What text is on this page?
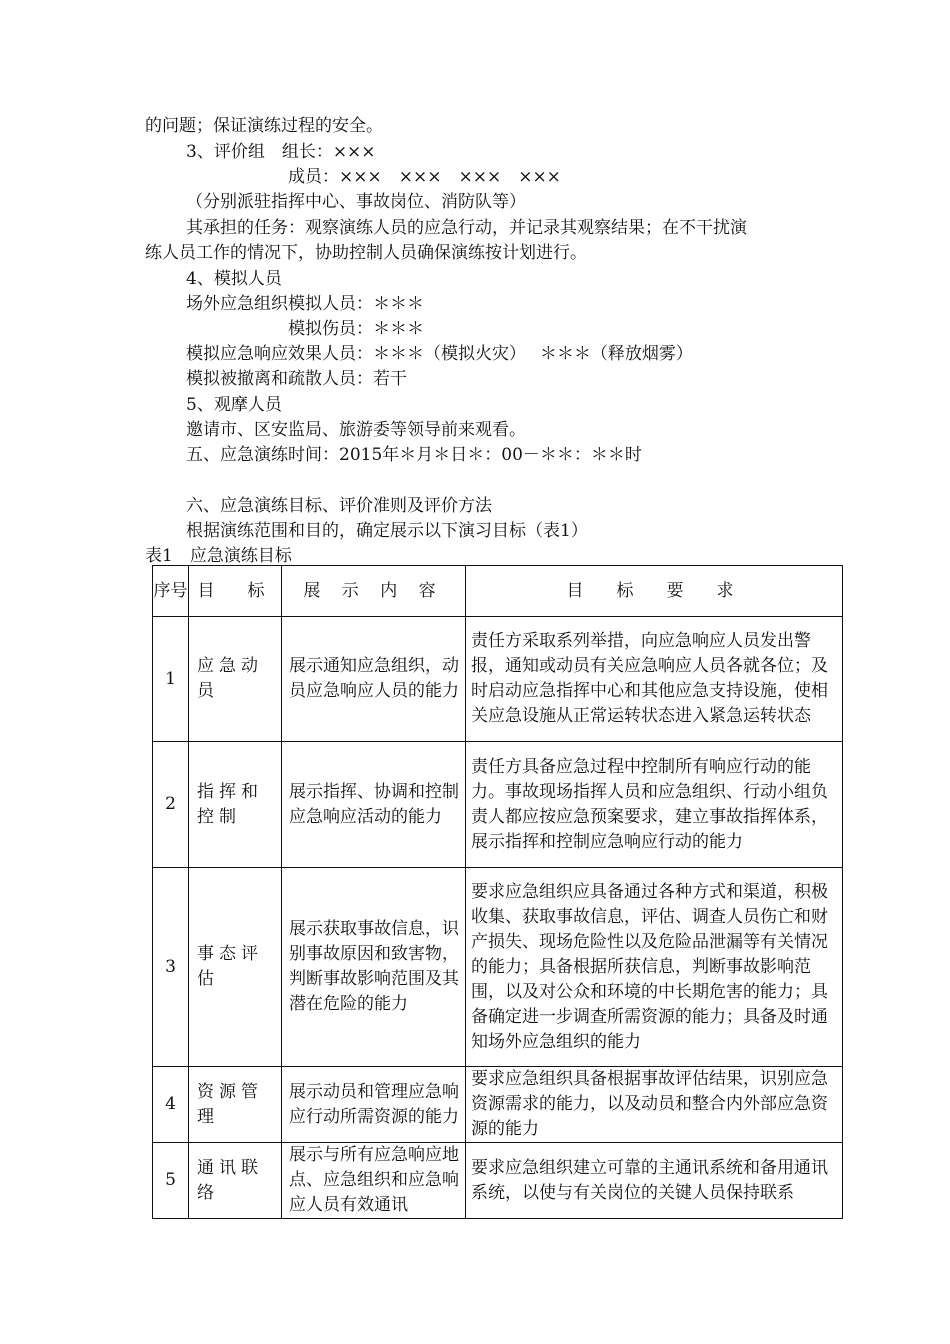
的问题；保证演练过程的安全。
3、评价组　组长：×××
成员：×××　×××　×××　×××
（分别派驻指挥中心、事故岗位、消防队等）
其承担的任务：观察演练人员的应急行动，并记录其观察结果；在不干扰演
练人员工作的情况下，协助控制人员确保演练按计划进行。
4、模拟人员
场外应急组织模拟人员：＊＊＊
模拟伤员：＊＊＊
模拟应急响应效果人员：＊＊＊（模拟火灾）　 ＊＊＊（释放烟雾）
模拟被撤离和疏散人员：若干
5、观摩人员
邀请市、区安监局、旅游委等领导前来观看。
五、应急演练时间：2015年＊月＊日＊：00－＊＊：＊＊时
六、应急演练目标、评价准则及评价方法
根据演练范围和目的，确定展示以下演习目标（表1）
表1　应急演练目标
序号	目　标	展 示 内 容	目　标　要　求
1	应急动员	展示通知应急组织，动员应急响应人员的能力	责任方采取系列举措，向应急响应人员发出警报，通知或动员有关应急响应人员各就各位；及时启动应急指挥中心和其他应急支持设施，使相关应急设施从正常运转状态进入紧急运转状态
2	指挥和控制	展示指挥、协调和控制应急响应活动的能力	责任方具备应急过程中控制所有响应行动的能力。事故现场指挥人员和应急组织、行动小组负责人都应按应急预案要求，建立事故指挥体系，展示指挥和控制应急响应行动的能力
3	事态评估	展示获取事故信息，识别事故原因和致害物，判断事故影响范围及其潜在危险的能力	要求应急组织应具备通过各种方式和渠道，积极收集、获取事故信息，评估、调查人员伤亡和财产损失、现场危险性以及危险品泄漏等有关情况的能力；具备根据所获信息，判断事故影响范围，以及对公众和环境的中长期危害的能力；具备确定进一步调查所需资源的能力；具备及时通知场外应急组织的能力
4	资源管理	展示动员和管理应急响应行动所需资源的能力	要求应急组织具备根据事故评估结果，识别应急资源需求的能力，以及动员和整合内外部应急资源的能力
5	通讯联络	展示与所有应急响应地点、应急组织和应急响应人员有效通讯	要求应急组织建立可靠的主通讯系统和备用通讯系统，以使与有关岗位的关键人员保持联系
